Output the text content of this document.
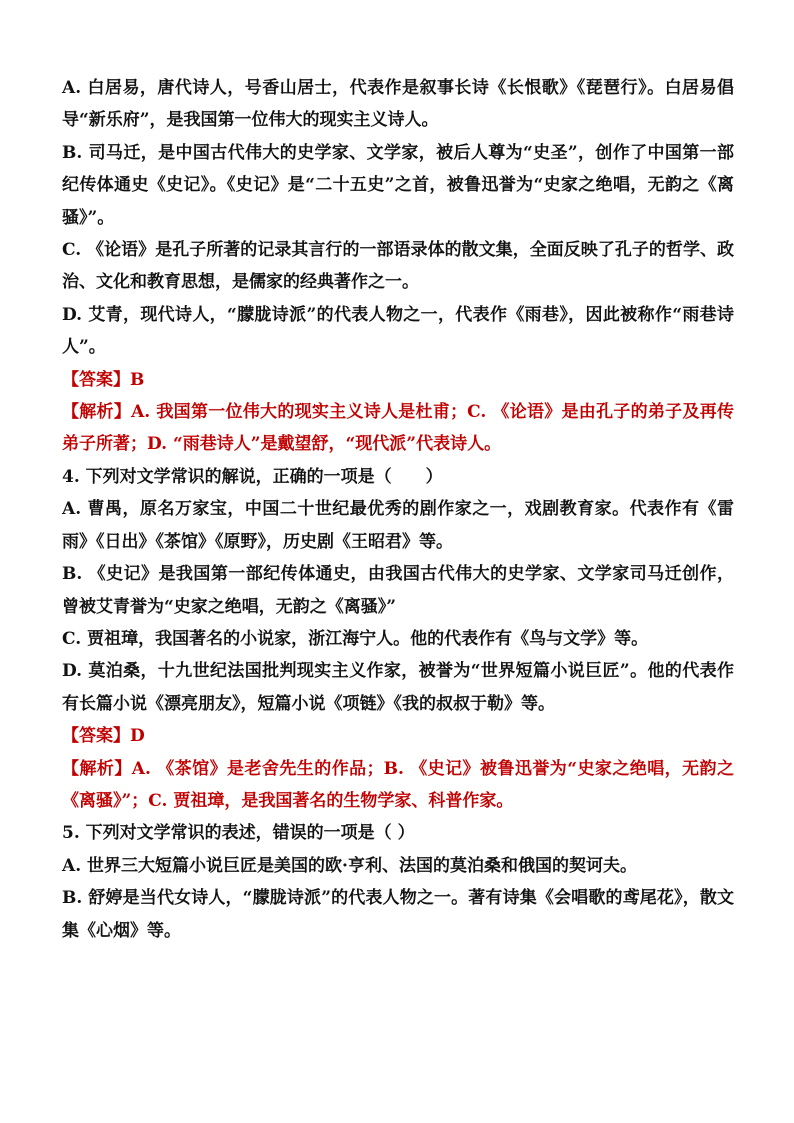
A. 白居易，唐代诗人，号香山居士，代表作是叙事长诗《长恨歌》《琵琶行》。白居易倡导“新乐府”，是我国第一位伟大的现实主义诗人。

B. 司马迁，是中国古代伟大的史学家、文学家，被后人尊为“史圣”，创作了中国第一部纪传体通史《史记》。《史记》是“二十五史”之首，被鲁迅誉为“史家之绝唱，无韵之《离骚》”。

C. 《论语》是孔子所著的记录其言行的一部语录体的散文集，全面反映了孔子的哲学、政治、文化和教育思想，是儒家的经典著作之一。

D. 艾青，现代诗人，“朦胧诗派”的代表人物之一，代表作《雨巷》，因此被称作“雨巷诗人”。

【答案】B

【解析】A. 我国第一位伟大的现实主义诗人是杜甫；C. 《论语》是由孔子的弟子及再传弟子所著；D. “雨巷诗人”是戴望舒，“现代派”代表诗人。

4. 下列对文学常识的解说，正确的一项是（　　）

A. 曹禺，原名万家宝，中国二十世纪最优秀的剧作家之一，戏剧教育家。代表作有《雷雨》《日出》《茶馆》《原野》，历史剧《王昭君》等。

B. 《史记》是我国第一部纪传体通史，由我国古代伟大的史学家、文学家司马迁创作，曾被艾青誉为“史家之绝唱，无韵之《离骚》”

C. 贾祖璋，我国著名的小说家，浙江海宁人。他的代表作有《鸟与文学》等。

D. 莫泊桑，十九世纪法国批判现实主义作家，被誉为“世界短篇小说巨匠”。他的代表作有长篇小说《漂亮朋友》，短篇小说《项链》《我的叔叔于勒》等。

【答案】D

【解析】A. 《茶馆》是老舍先生的作品；B. 《史记》被鲁迅誉为“史家之绝唱，无韵之《离骚》”；C. 贾祖璋，是我国著名的生物学家、科普作家。

5. 下列对文学常识的表述，错误的一项是（ ）

A. 世界三大短篇小说巨匠是美国的欧·亨利、法国的莫泊桑和俄国的契诃夫。

B. 舒婷是当代女诗人，“朦胧诗派”的代表人物之一。著有诗集《会唱歌的鸢尾花》，散文集《心烟》等。
